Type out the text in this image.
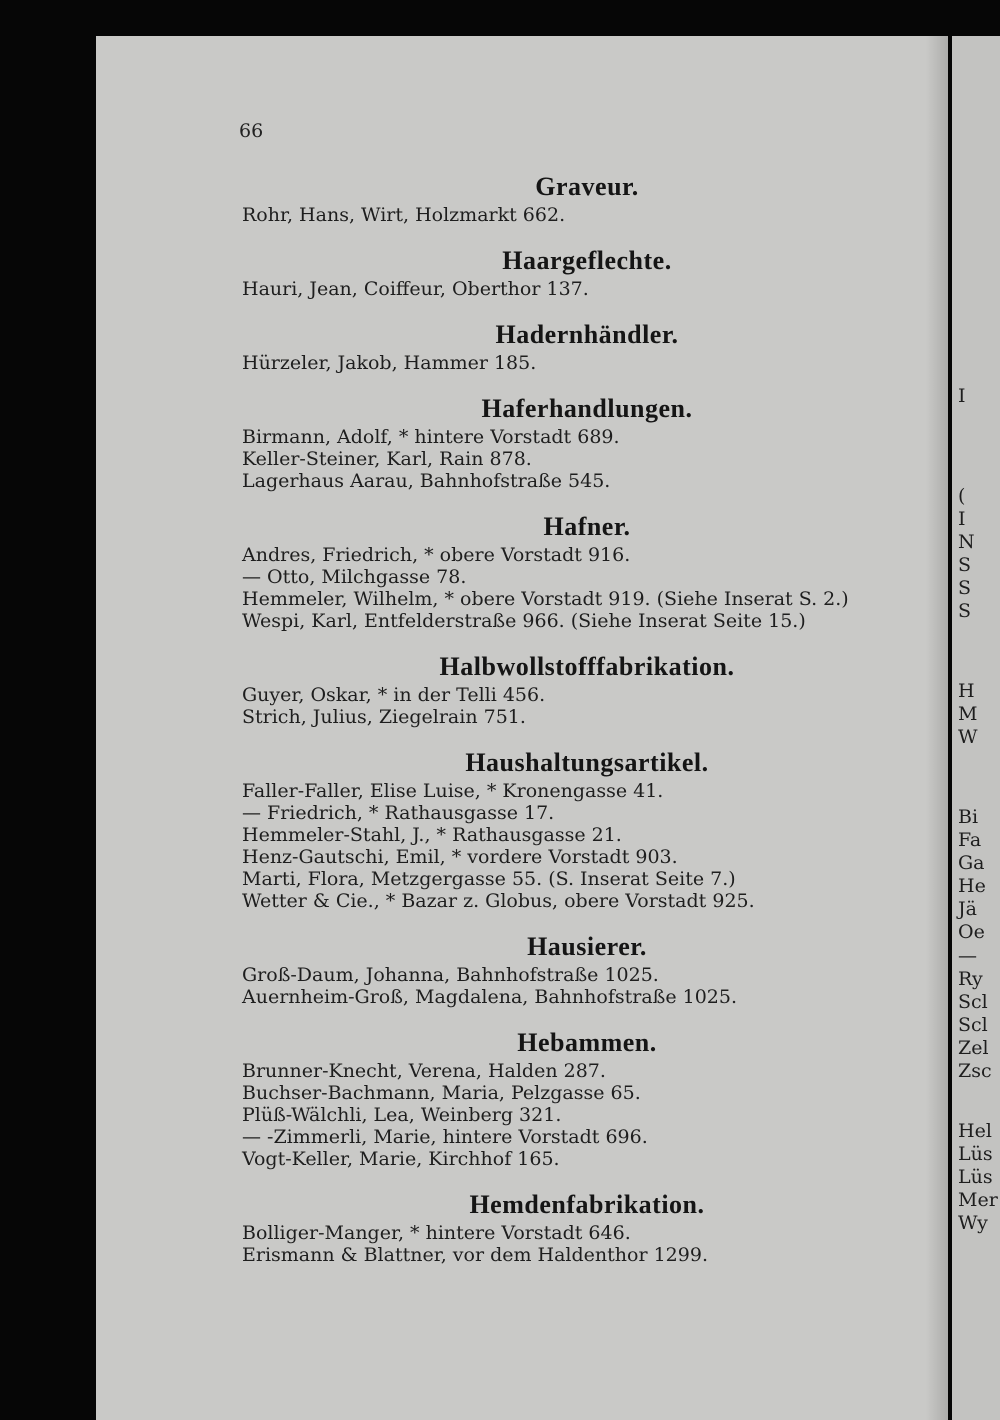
66
Graveur.
Rohr, Hans, Wirt, Holzmarkt 662.
Haargeflechte.
Hauri, Jean, Coiffeur, Oberthor 137.
Hadernhändler.
Hürzeler, Jakob, Hammer 185.
Haferhandlungen.
Birmann, Adolf, * hintere Vorstadt 689.
Keller-Steiner, Karl, Rain 878.
Lagerhaus Aarau, Bahnhofstraße 545.
Hafner.
Andres, Friedrich, * obere Vorstadt 916.
— Otto, Milchgasse 78.
Hemmeler, Wilhelm, * obere Vorstadt 919. (Siehe Inserat S. 2.)
Wespi, Karl, Entfelderstraße 966. (Siehe Inserat Seite 15.)
Halbwollstofffabrikation.
Guyer, Oskar, * in der Telli 456.
Strich, Julius, Ziegelrain 751.
Haushaltungsartikel.
Faller-Faller, Elise Luise, * Kronengasse 41.
— Friedrich, * Rathausgasse 17.
Hemmeler-Stahl, J., * Rathausgasse 21.
Henz-Gautschi, Emil, * vordere Vorstadt 903.
Marti, Flora, Metzgergasse 55. (S. Inserat Seite 7.)
Wetter & Cie., * Bazar z. Globus, obere Vorstadt 925.
Hausierer.
Groß-Daum, Johanna, Bahnhofstraße 1025.
Auernheim-Groß, Magdalena, Bahnhofstraße 1025.
Hebammen.
Brunner-Knecht, Verena, Halden 287.
Buchser-Bachmann, Maria, Pelzgasse 65.
Plüß-Wälchli, Lea, Weinberg 321.
— -Zimmerli, Marie, hintere Vorstadt 696.
Vogt-Keller, Marie, Kirchhof 165.
Hemdenfabrikation.
Bolliger-Manger, * hintere Vorstadt 646.
Erismann & Blattner, vor dem Haldenthor 1299.
I
(
I
N
S
S
S
H
M
W
Bi
Fa
Ga
He
Jä
Oe
—
Ry
Scl
Scl
Zel
Zsc
Hel
Lüs
Lüs
Mer
Wy
